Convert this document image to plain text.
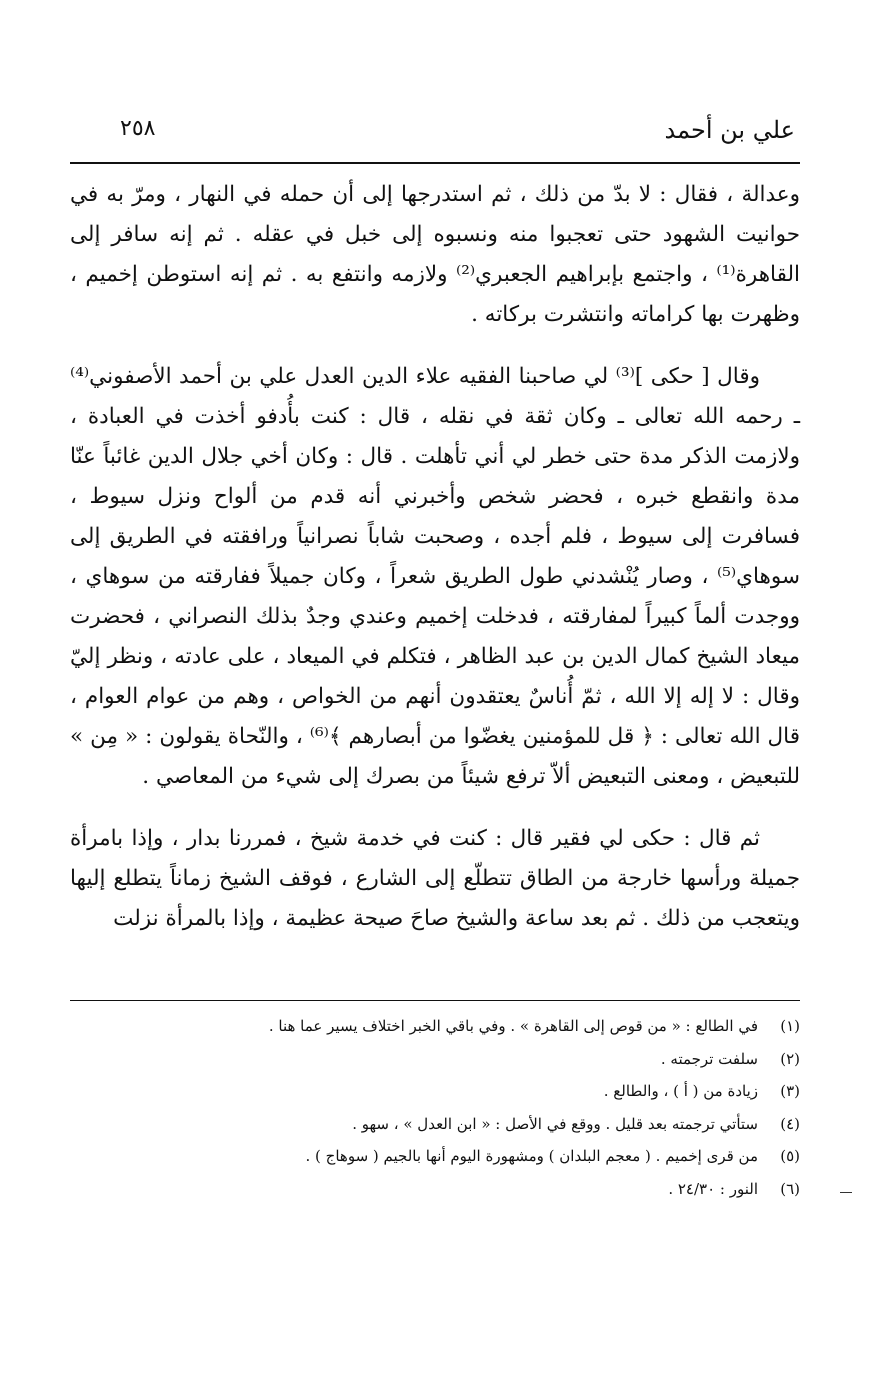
علي بن أحمد
٢٥٨

وعدالة ، فقال : لا بدّ من ذلك ، ثم استدرجها إلى أن حمله في النهار ، ومرّ به في حوانيت الشهود حتى تعجبوا منه ونسبوه إلى خبل في عقله . ثم إنه سافر إلى القاهرة⁽¹⁾ ، واجتمع بإبراهيم الجعبري⁽²⁾ ولازمه وانتفع به . ثم إنه استوطن إخميم ، وظهرت بها كراماته وانتشرت بركاته .

وقال [ حكى ]⁽³⁾ لي صاحبنا الفقيه علاء الدين العدل علي بن أحمد الأصفوني⁽⁴⁾ ـ رحمه الله تعالى ـ وكان ثقة في نقله ، قال : كنت بأُدفو أخذت في العبادة ، ولازمت الذكر مدة حتى خطر لي أني تأهلت . قال : وكان أخي جلال الدين غائباً عنّا مدة وانقطع خبره ، فحضر شخص وأخبرني أنه قدم من ألواح ونزل سيوط ، فسافرت إلى سيوط ، فلم أجده ، وصحبت شاباً نصرانياً ورافقته في الطريق إلى سوهاي⁽⁵⁾ ، وصار يُنْشدني طول الطريق شعراً ، وكان جميلاً ففارقته من سوهاي ، ووجدت ألماً كبيراً لمفارقته ، فدخلت إخميم وعندي وجدٌ بذلك النصراني ، فحضرت ميعاد الشيخ كمال الدين بن عبد الظاهر ، فتكلم في الميعاد ، على عادته ، ونظر إليّ وقال : لا إله إلا الله ، ثمّ أُناسٌ يعتقدون أنهم من الخواص ، وهم من عوام العوام ، قال الله تعالى : ﴿ قل للمؤمنين يغضّوا من أبصارهم ﴾⁽⁶⁾ ، والنّحاة يقولون : « مِن » للتبعيض ، ومعنى التبعيض ألاّ ترفع شيئاً من بصرك إلى شيء من المعاصي .

ثم قال : حكى لي فقير قال : كنت في خدمة شيخ ، فمررنا بدار ، وإذا بامرأة جميلة ورأسها خارجة من الطاق تتطلّع إلى الشارع ، فوقف الشيخ زماناً يتطلع إليها ويتعجب من ذلك . ثم بعد ساعة والشيخ صاحَ صيحة عظيمة ، وإذا بالمرأة نزلت

(١)
في الطالع : « من قوص إلى القاهرة » . وفي باقي الخبر اختلاف يسير عما هنا .
(٢)
سلفت ترجمته .
(٣)
زيادة من ( أ ) ، والطالع .
(٤)
ستأتي ترجمته بعد قليل . ووقع في الأصل : « ابن العدل » ، سهو .
(٥)
من قرى إخميم . ( معجم البلدان ) ومشهورة اليوم أنها بالجيم ( سوهاج ) .
(٦)
النور : ٢٤/٣٠ .
